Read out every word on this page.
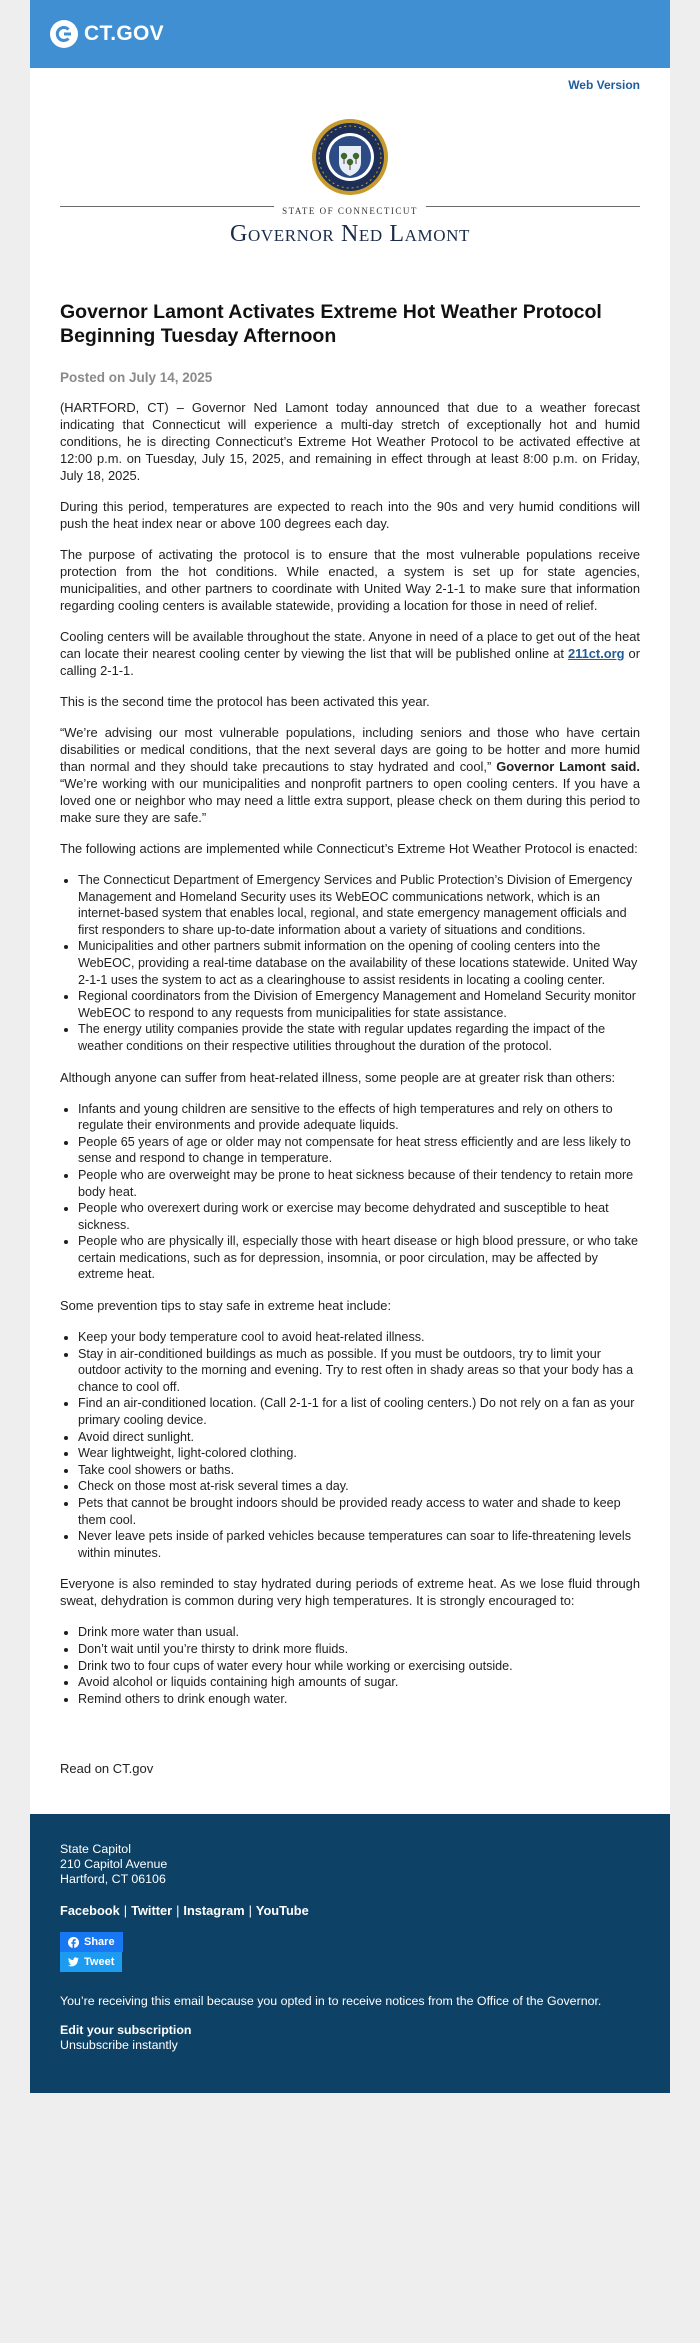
CT.GOV
Web Version
STATE OF CONNECTICUT
Governor Ned Lamont
Governor Lamont Activates Extreme Hot Weather Protocol Beginning Tuesday Afternoon
Posted on July 14, 2025

(HARTFORD, CT) – Governor Ned Lamont today announced that due to a weather forecast indicating that Connecticut will experience a multi-day stretch of exceptionally hot and humid conditions, he is directing Connecticut’s Extreme Hot Weather Protocol to be activated effective at 12:00 p.m. on Tuesday, July 15, 2025, and remaining in effect through at least 8:00 p.m. on Friday, July 18, 2025.

During this period, temperatures are expected to reach into the 90s and very humid conditions will push the heat index near or above 100 degrees each day.

The purpose of activating the protocol is to ensure that the most vulnerable populations receive protection from the hot conditions. While enacted, a system is set up for state agencies, municipalities, and other partners to coordinate with United Way 2-1-1 to make sure that information regarding cooling centers is available statewide, providing a location for those in need of relief.

Cooling centers will be available throughout the state. Anyone in need of a place to get out of the heat can locate their nearest cooling center by viewing the list that will be published online at 211ct.org or calling 2-1-1.

This is the second time the protocol has been activated this year.

“We’re advising our most vulnerable populations, including seniors and those who have certain disabilities or medical conditions, that the next several days are going to be hotter and more humid than normal and they should take precautions to stay hydrated and cool,” Governor Lamont said. “We’re working with our municipalities and nonprofit partners to open cooling centers. If you have a loved one or neighbor who may need a little extra support, please check on them during this period to make sure they are safe.”

The following actions are implemented while Connecticut’s Extreme Hot Weather Protocol is enacted:

• The Connecticut Department of Emergency Services and Public Protection’s Division of Emergency Management and Homeland Security uses its WebEOC communications network, which is an internet-based system that enables local, regional, and state emergency management officials and first responders to share up-to-date information about a variety of situations and conditions.
• Municipalities and other partners submit information on the opening of cooling centers into the WebEOC, providing a real-time database on the availability of these locations statewide. United Way 2-1-1 uses the system to act as a clearinghouse to assist residents in locating a cooling center.
• Regional coordinators from the Division of Emergency Management and Homeland Security monitor WebEOC to respond to any requests from municipalities for state assistance.
• The energy utility companies provide the state with regular updates regarding the impact of the weather conditions on their respective utilities throughout the duration of the protocol.

Although anyone can suffer from heat-related illness, some people are at greater risk than others:

• Infants and young children are sensitive to the effects of high temperatures and rely on others to regulate their environments and provide adequate liquids.
• People 65 years of age or older may not compensate for heat stress efficiently and are less likely to sense and respond to change in temperature.
• People who are overweight may be prone to heat sickness because of their tendency to retain more body heat.
• People who overexert during work or exercise may become dehydrated and susceptible to heat sickness.
• People who are physically ill, especially those with heart disease or high blood pressure, or who take certain medications, such as for depression, insomnia, or poor circulation, may be affected by extreme heat.

Some prevention tips to stay safe in extreme heat include:

• Keep your body temperature cool to avoid heat-related illness.
• Stay in air-conditioned buildings as much as possible. If you must be outdoors, try to limit your outdoor activity to the morning and evening. Try to rest often in shady areas so that your body has a chance to cool off.
• Find an air-conditioned location. (Call 2-1-1 for a list of cooling centers.) Do not rely on a fan as your primary cooling device.
• Avoid direct sunlight.
• Wear lightweight, light-colored clothing.
• Take cool showers or baths.
• Check on those most at-risk several times a day.
• Pets that cannot be brought indoors should be provided ready access to water and shade to keep them cool.
• Never leave pets inside of parked vehicles because temperatures can soar to life-threatening levels within minutes.

Everyone is also reminded to stay hydrated during periods of extreme heat. As we lose fluid through sweat, dehydration is common during very high temperatures. It is strongly encouraged to:

• Drink more water than usual.
• Don’t wait until you’re thirsty to drink more fluids.
• Drink two to four cups of water every hour while working or exercising outside.
• Avoid alcohol or liquids containing high amounts of sugar.
• Remind others to drink enough water.
Read on CT.gov
State Capitol
210 Capitol Avenue
Hartford, CT 06106
Facebook | Twitter | Instagram | YouTube
Share
Tweet
You’re receiving this email because you opted in to receive notices from the Office of the Governor.
Edit your subscription
Unsubscribe instantly
